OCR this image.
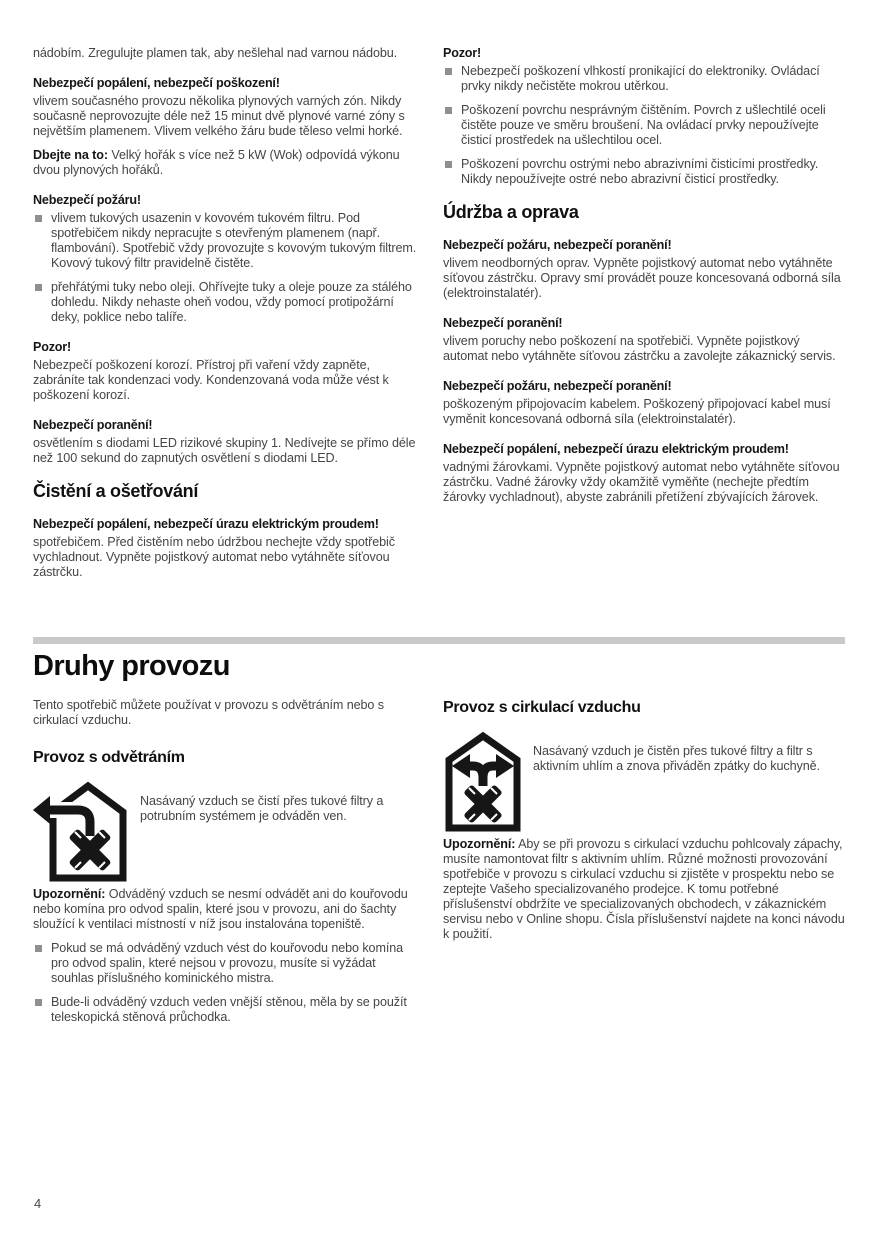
nádobím. Zregulujte plamen tak, aby nešlehal nad varnou nádobu.

Nebezpečí popálení, nebezpečí poškození!

vlivem současného provozu několika plynových varných zón. Nikdy současně neprovozujte déle než 15 minut dvě plynové varné zóny s největším plamenem. Vlivem velkého žáru bude těleso velmi horké.

Dbejte na to: Velký hořák s více než 5 kW (Wok) odpovídá výkonu dvou plynových hořáků.

Nebezpečí požáru!

vlivem tukových usazenin v kovovém tukovém filtru. Pod spotřebičem nikdy nepracujte s otevřeným plamenem (např. flambování). Spotřebič vždy provozujte s kovovým tukovým filtrem. Kovový tukový filtr pravidelně čistěte.
přehřátými tuky nebo oleji. Ohřívejte tuky a oleje pouze za stálého dohledu. Nikdy nehaste oheň vodou, vždy pomocí protipožární deky, poklice nebo talíře.

Pozor!

Nebezpečí poškození korozí. Přístroj při vaření vždy zapněte, zabráníte tak kondenzaci vody. Kondenzovaná voda může vést k poškození korozí.

Nebezpečí poranění!

osvětlením s diodami LED rizikové skupiny 1. Nedívejte se přímo déle než 100 sekund do zapnutých osvětlení s diodami LED.

Čistění a ošetřování

Nebezpečí popálení, nebezpečí úrazu elektrickým proudem!

spotřebičem. Před čistěním nebo údržbou nechejte vždy spotřebič vychladnout. Vypněte pojistkový automat nebo vytáhněte síťovou zástrčku.

Pozor!

Nebezpečí poškození vlhkostí pronikající do elektroniky. Ovládací prvky nikdy nečistěte mokrou utěrkou.
Poškození povrchu nesprávným čištěním. Povrch z ušlechtilé oceli čistěte pouze ve směru broušení. Na ovládací prvky nepoužívejte čisticí prostředek na ušlechtilou ocel.
Poškození povrchu ostrými nebo abrazivními čisticími prostředky. Nikdy nepoužívejte ostré nebo abrazivní čisticí prostředky.
Údržba a oprava

Nebezpečí požáru, nebezpečí poranění!

vlivem neodborných oprav. Vypněte pojistkový automat nebo vytáhněte síťovou zástrčku. Opravy smí provádět pouze koncesovaná odborná síla (elektroinstalatér).

Nebezpečí poranění!

vlivem poruchy nebo poškození na spotřebiči. Vypněte pojistkový automat nebo vytáhněte síťovou zástrčku a zavolejte zákaznický servis.

Nebezpečí požáru, nebezpečí poranění!

poškozeným připojovacím kabelem. Poškozený připojovací kabel musí vyměnit koncesovaná odborná síla (elektroinstalatér).

Nebezpečí popálení, nebezpečí úrazu elektrickým proudem!

vadnými žárovkami. Vypněte pojistkový automat nebo vytáhněte síťovou zástrčku. Vadné žárovky vždy okamžitě vyměňte (nechejte předtím žárovky vychladnout), abyste zabránili přetížení zbývajících žárovek.

Druhy provozu

Tento spotřebič můžete používat v provozu s odvětráním nebo s cirkulací vzduchu.

Provoz s odvětráním

Nasávaný vzduch se čistí přes tukové filtry a potrubním systémem je odváděn ven.

Upozornění: Odváděný vzduch se nesmí odvádět ani do kouřovodu nebo komína pro odvod spalin, které jsou v provozu, ani do šachty sloužící k ventilaci místností v níž jsou instalována topeniště.

Pokud se má odváděný vzduch vést do kouřovodu nebo komína pro odvod spalin, které nejsou v provozu, musíte si vyžádat souhlas příslušného kominického mistra.
Bude-li odváděný vzduch veden vnější stěnou, měla by se použít teleskopická stěnová průchodka.
Provoz s cirkulací vzduchu

Nasávaný vzduch je čistěn přes tukové filtry a filtr s aktivním uhlím a znova přiváděn zpátky do kuchyně.

Upozornění: Aby se při provozu s cirkulací vzduchu pohlcovaly zápachy, musíte namontovat filtr s aktivním uhlím. Různé možnosti provozování spotřebiče v provozu s cirkulací vzduchu si zjistěte v prospektu nebo se zeptejte Vašeho specializovaného prodejce. K tomu potřebné příslušenství obdržíte ve specializovaných obchodech, v zákaznickém servisu nebo v Online shopu. Čísla příslušenství najdete na konci návodu k použití.

4
